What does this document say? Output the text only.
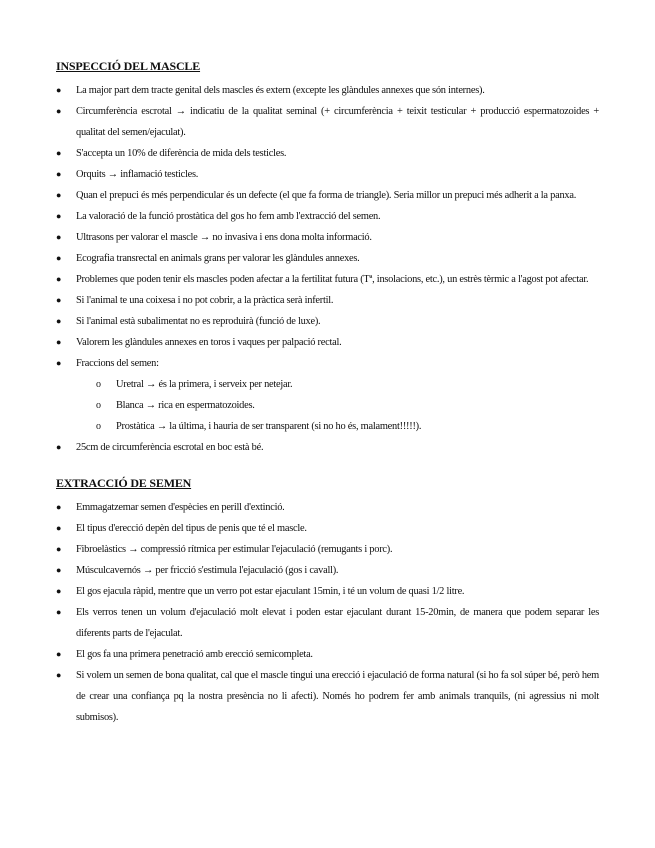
INSPECCIÓ DEL MASCLE
● La major part dem tracte genital dels mascles és extern (excepte les glàndules annexes que són internes).
● Circumferència escrotal → indicatiu de la qualitat seminal (+ circumferència + teixit testicular + producció espermatozoides + qualitat del semen/ejaculat).
● S'accepta un 10% de diferència de mida dels testicles.
● Orquits → inflamació testicles.
● Quan el prepuci és més perpendicular és un defecte (el que fa forma de triangle). Seria millor un prepuci més adherit a la panxa.
● La valoració de la funció prostàtica del gos ho fem amb l'extracció del semen.
● Ultrasons per valorar el mascle → no invasiva i ens dona molta informació.
● Ecografia transrectal en animals grans per valorar les glàndules annexes.
● Problemes que poden tenir els mascles poden afectar a la fertilitat futura (Tª, insolacions, etc.), un estrès tèrmic a l'agost pot afectar.
● Si l'animal te una coixesa i no pot cobrir, a la pràctica serà infertil.
● Si l'animal està subalimentat no es reproduirà (funció de luxe).
● Valorem les glàndules annexes en toros i vaques per palpació rectal.
● Fraccions del semen:
o Uretral → és la primera, i serveix per netejar.
o Blanca → rica en espermatozoides.
o Prostàtica → la última, i hauria de ser transparent (si no ho és, malament!!!!!).
● 25cm de circumferència escrotal en boc està bé.
EXTRACCIÓ DE SEMEN
● Emmagatzemar semen d'espècies en perill d'extinció.
● El tipus d'erecció depèn del tipus de penis que té el mascle.
● Fibroelàstics → compressió rítmica per estimular l'ejaculació (remugants i porc).
● Músculcavernós → per fricció s'estimula l'ejaculació (gos i cavall).
● El gos ejacula ràpid, mentre que un verro pot estar ejaculant 15min, i té un volum de quasi 1/2 litre.
● Els verros tenen un volum d'ejaculació molt elevat i poden estar ejaculant durant 15-20min, de manera que podem separar les diferents parts de l'ejaculat.
● El gos fa una primera penetració amb erecció semicompleta.
● Si volem un semen de bona qualitat, cal que el mascle tingui una erecció i ejaculació de forma natural (si ho fa sol súper bé, però hem de crear una confiança pq la nostra presència no li afecti). Només ho podrem fer amb animals tranquils, (ni agressius ni molt submisos).
